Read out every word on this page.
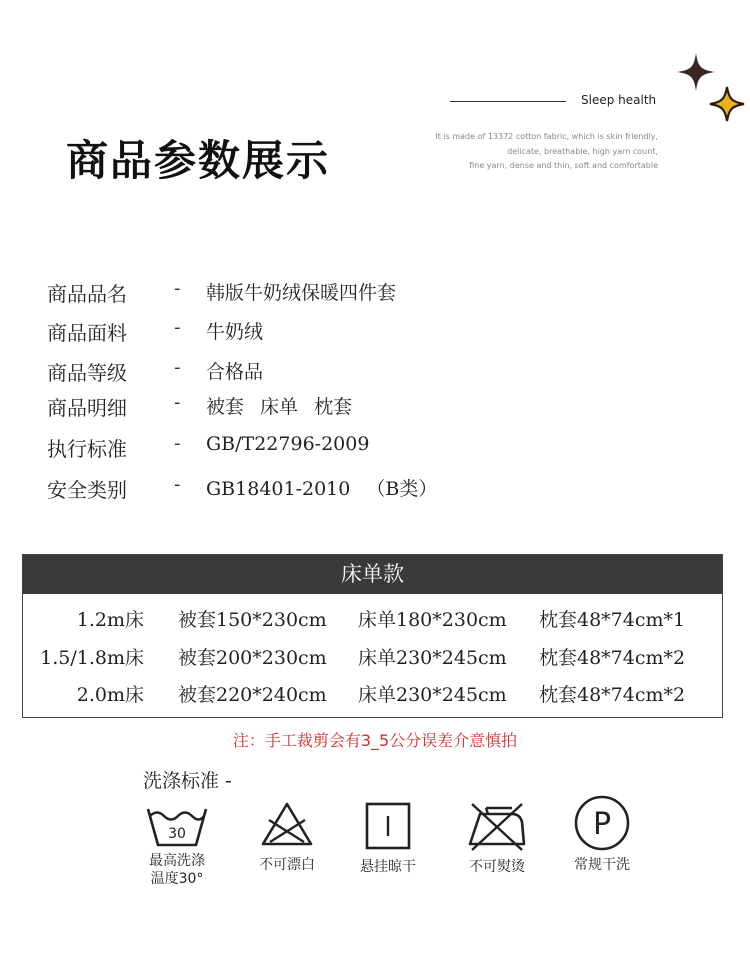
商品参数展示
Sleep health
It is made of 13372 cotton fabric, which is skin friendly,
delicate, breathable, high yarn count,
fine yarn, dense and thin, soft and comfortable
商品品名	- 韩版牛奶绒保暖四件套
商品面料	- 牛奶绒
商品等级	- 合格品
商品明细	- 被套 床单 枕套
执行标准	- GB/T22796-2009
安全类别	- GB18401-2010 （B类）
床单款
1.2m床 被套150*230cm 床单180*230cm 枕套48*74cm*1
1.5/1.8m床 被套200*230cm 床单230*245cm 枕套48*74cm*2
2.0m床 被套220*240cm 床单230*245cm 枕套48*74cm*2
注：手工裁剪会有3_5公分误差介意慎拍
洗涤标准 -
30
最高洗涤
温度30°
不可漂白	悬挂晾干	不可熨烫
P
常规干洗
